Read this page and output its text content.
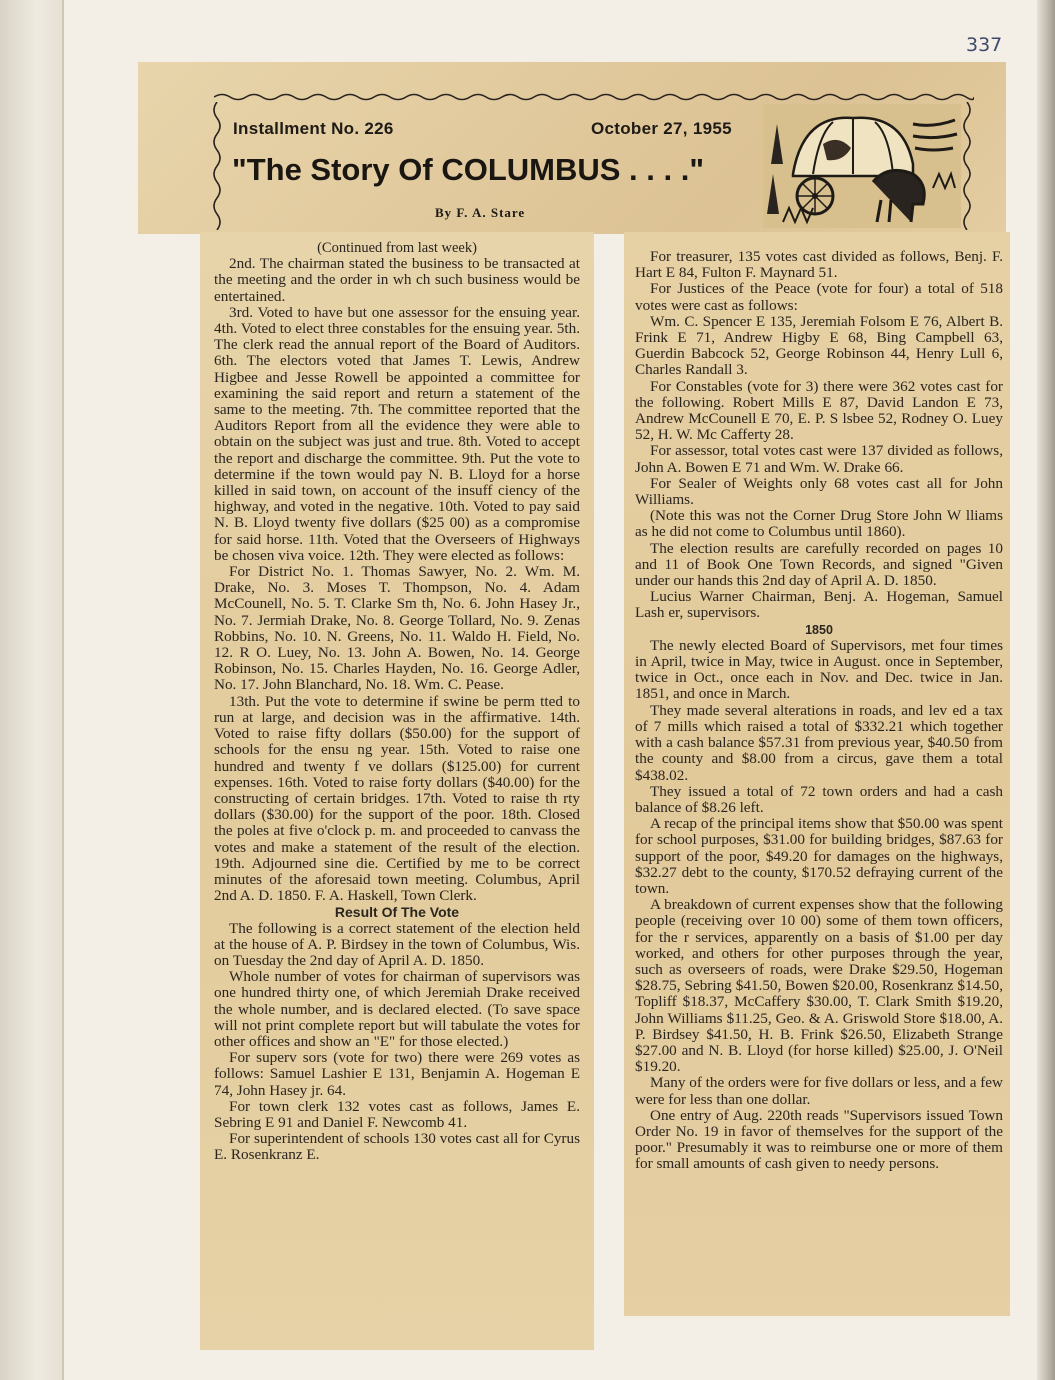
337
Installment No. 226	October 27, 1955
"The Story Of COLUMBUS . . . ."
By F. A. Stare

(Continued from last week)

2nd. The chairman stated the business to be transacted at the meeting and the order in wh ch such business would be entertained.

3rd. Voted to have but one assessor for the ensuing year. 4th. Voted to elect three constables for the ensuing year. 5th. The clerk read the annual report of the Board of Auditors. 6th. The electors voted that James T. Lewis, Andrew Higbee and Jesse Rowell be appointed a committee for examining the said report and return a statement of the same to the meeting. 7th. The committee reported that the Auditors Report from all the evidence they were able to obtain on the subject was just and true. 8th. Voted to accept the report and discharge the committee. 9th. Put the vote to determine if the town would pay N. B. Lloyd for a horse killed in said town, on account of the insuff ciency of the highway, and voted in the negative. 10th. Voted to pay said N. B. Lloyd twenty five dollars ($25 00) as a compromise for said horse. 11th. Voted that the Overseers of Highways be chosen viva voice. 12th. They were elected as follows:

For District No. 1. Thomas Sawyer, No. 2. Wm. M. Drake, No. 3. Moses T. Thompson, No. 4. Adam McCounell, No. 5. T. Clarke Sm th, No. 6. John Hasey Jr., No. 7. Jermiah Drake, No. 8. George Tollard, No. 9. Zenas Robbins, No. 10. N. Greens, No. 11. Waldo H. Field, No. 12. R O. Luey, No. 13. John A. Bowen, No. 14. George Robinson, No. 15. Charles Hayden, No. 16. George Adler, No. 17. John Blanchard, No. 18. Wm. C. Pease.

13th. Put the vote to determine if swine be perm tted to run at large, and decision was in the affirmative. 14th. Voted to raise fifty dollars ($50.00) for the support of schools for the ensu ng year. 15th. Voted to raise one hundred and twenty f ve dollars ($125.00) for current expenses. 16th. Voted to raise forty dollars ($40.00) for the constructing of certain bridges. 17th. Voted to raise th rty dollars ($30.00) for the support of the poor. 18th. Closed the poles at five o'clock p. m. and proceeded to canvass the votes and make a statement of the result of the election. 19th. Adjourned sine die. Certified by me to be correct minutes of the aforesaid town meeting. Columbus, April 2nd A. D. 1850. F. A. Haskell, Town Clerk.

Result Of The Vote

The following is a correct statement of the election held at the house of A. P. Birdsey in the town of Columbus, Wis. on Tuesday the 2nd day of April A. D. 1850.

Whole number of votes for chairman of supervisors was one hundred thirty one, of which Jeremiah Drake received the whole number, and is declared elected. (To save space will not print complete report but will tabulate the votes for other offices and show an "E" for those elected.)

For superv sors (vote for two) there were 269 votes as follows: Samuel Lashier E 131, Benjamin A. Hogeman E 74, John Hasey jr. 64.

For town clerk 132 votes cast as follows, James E. Sebring E 91 and Daniel F. Newcomb 41.

For superintendent of schools 130 votes cast all for Cyrus E. Rosenkranz E.

For treasurer, 135 votes cast divided as follows, Benj. F. Hart E 84, Fulton F. Maynard 51.

For Justices of the Peace (vote for four) a total of 518 votes were cast as follows:

Wm. C. Spencer E 135, Jeremiah Folsom E 76, Albert B. Frink E 71, Andrew Higby E 68, Bing Campbell 63, Guerdin Babcock 52, George Robinson 44, Henry Lull 6, Charles Randall 3.

For Constables (vote for 3) there were 362 votes cast for the following. Robert Mills E 87, David Landon E 73, Andrew McCounell E 70, E. P. S lsbee 52, Rodney O. Luey 52, H. W. Mc Cafferty 28.

For assessor, total votes cast were 137 divided as follows, John A. Bowen E 71 and Wm. W. Drake 66.

For Sealer of Weights only 68 votes cast all for John Williams.

(Note this was not the Corner Drug Store John W lliams as he did not come to Columbus until 1860).

The election results are carefully recorded on pages 10 and 11 of Book One Town Records, and signed "Given under our hands this 2nd day of April A. D. 1850.

Lucius Warner Chairman, Benj. A. Hogeman, Samuel Lash er, supervisors.

1850

The newly elected Board of Supervisors, met four times in April, twice in May, twice in August. once in September, twice in Oct., once each in Nov. and Dec. twice in Jan. 1851, and once in March.

They made several alterations in roads, and lev ed a tax of 7 mills which raised a total of $332.21 which together with a cash balance $57.31 from previous year, $40.50 from the county and $8.00 from a circus, gave them a total $438.02.

They issued a total of 72 town orders and had a cash balance of $8.26 left.

A recap of the principal items show that $50.00 was spent for school purposes, $31.00 for building bridges, $87.63 for support of the poor, $49.20 for damages on the highways, $32.27 debt to the county, $170.52 defraying current of the town.

A breakdown of current expenses show that the following people (receiving over 10 00) some of them town officers, for the r services, apparently on a basis of $1.00 per day worked, and others for other purposes through the year, such as overseers of roads, were Drake $29.50, Hogeman $28.75, Sebring $41.50, Bowen $20.00, Rosenkranz $14.50, Topliff $18.37, McCaffery $30.00, T. Clark Smith $19.20, John Williams $11.25, Geo. & A. Griswold Store $18.00, A. P. Birdsey $41.50, H. B. Frink $26.50, Elizabeth Strange $27.00 and N. B. Lloyd (for horse killed) $25.00, J. O'Neil $19.20.

Many of the orders were for five dollars or less, and a few were for less than one dollar.

One entry of Aug. 220th reads "Supervisors issued Town Order No. 19 in favor of themselves for the support of the poor." Presumably it was to reimburse one or more of them for small amounts of cash given to needy persons.
